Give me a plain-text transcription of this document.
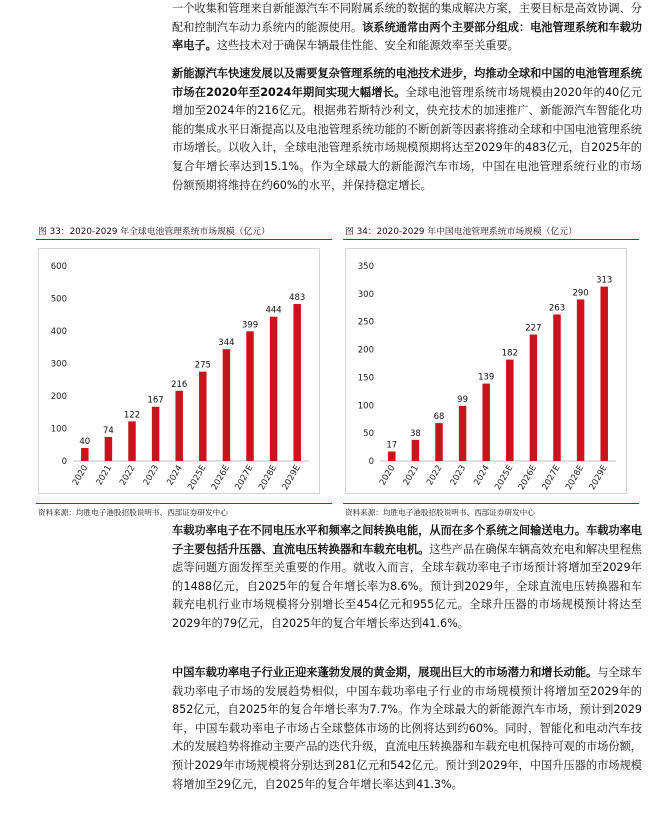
一个收集和管理来自新能源汽车不同附属系统的数据的集成解决方案，主要目标是高效协调、分配和控制汽车动力系统内的能源使用。该系统通常由两个主要部分组成：电池管理系统和车载功率电子。这些技术对于确保车辆最佳性能、安全和能源效率至关重要。

新能源汽车快速发展以及需要复杂管理系统的电池技术进步，均推动全球和中国的电池管理系统市场在2020年至2024年期间实现大幅增长。全球电池管理系统市场规模由2020年的40亿元增加至2024年的216亿元。根据弗若斯特沙利文，快充技术的加速推广、新能源汽车智能化功能的集成水平日渐提高以及电池管理系统功能的不断创新等因素将推动全球和中国电池管理系统市场增长。以收入计，全球电池管理系统市场规模预期将达至2029年的483亿元，自2025年的复合年增长率达到15.1%。作为全球最大的新能源汽车市场，中国在电池管理系统行业的市场份额预期将维持在约60%的水平，并保持稳定增长。

图 33：2020-2029 年全球电池管理系统市场规模（亿元）	图 34：2020-2029 年中国电池管理系统市场规模（亿元）
0
100
200
300
400
500
600
40
2020
74
2021
122
2022
167
2023
216
2024
275
2025E
344
2026E
399
2027E
444
2028E
483
2029E
0
50
100
150
200
250
300
350
17
2020
38
2021
68
2022
99
2023
139
2024
182
2025E
227
2026E
263
2027E
290
2028E
313
2029E
资料来源：均胜电子港股招股说明书、西部证券研发中心	资料来源：均胜电子港股招股说明书、西部证券研发中心

车载功率电子在不同电压水平和频率之间转换电能，从而在多个系统之间输送电力。车载功率电子主要包括升压器、直流电压转换器和车载充电机。这些产品在确保车辆高效充电和解决里程焦虑等问题方面发挥至关重要的作用。就收入而言，全球车载功率电子市场预计将增加至2029年的1488亿元，自2025年的复合年增长率为8.6%。预计到2029年，全球直流电压转换器和车载充电机行业市场规模将分别增长至454亿元和955亿元。全球升压器的市场规模预计将达至2029年的79亿元，自2025年的复合年增长率达到41.6%。

中国车载功率电子行业正迎来蓬勃发展的黄金期，展现出巨大的市场潜力和增长动能。与全球车载功率电子市场的发展趋势相似，中国车载功率电子行业的市场规模预计将增加至2029年的852亿元，自2025年的复合年增长率为7.7%。作为全球最大的新能源汽车市场，预计到2029年，中国车载功率电子市场占全球整体市场的比例将达到约60%。同时，智能化和电动汽车技术的发展趋势将推动主要产品的迭代升级，直流电压转换器和车载充电机保持可观的市场份额，预计2029年市场规模将分别达到281亿元和542亿元。预计到2029年，中国升压器的市场规模将增加至29亿元，自2025年的复合年增长率达到41.3%。
